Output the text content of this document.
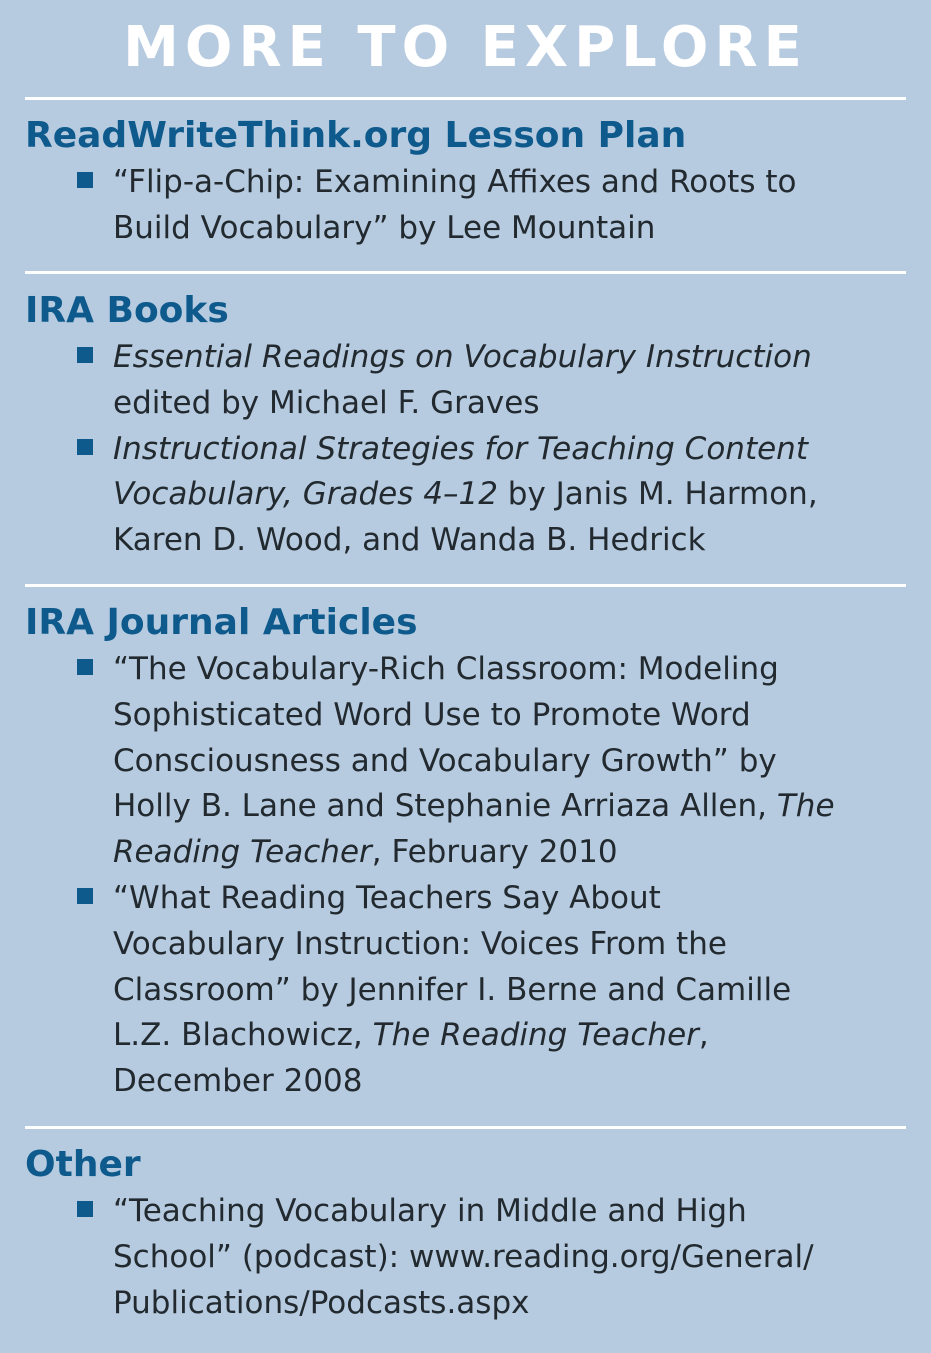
MORE TO EXPLORE
ReadWriteThink.org Lesson Plan
“Flip-a-Chip: Examining Affixes and Roots to
Build Vocabulary” by Lee Mountain
IRA Books
Essential Readings on Vocabulary Instruction
edited by Michael F. Graves
Instructional Strategies for Teaching Content
Vocabulary, Grades 4–12 by Janis M. Harmon,
Karen D. Wood, and Wanda B. Hedrick
IRA Journal Articles
“The Vocabulary-Rich Classroom: Modeling
Sophisticated Word Use to Promote Word
Consciousness and Vocabulary Growth” by
Holly B. Lane and Stephanie Arriaza Allen, The
Reading Teacher, February 2010
“What Reading Teachers Say About
Vocabulary Instruction: Voices From the
Classroom” by Jennifer I. Berne and Camille
L.Z. Blachowicz, The Reading Teacher,
December 2008
Other
“Teaching Vocabulary in Middle and High
School” (podcast): www.reading.org/General/
Publications/Podcasts.aspx
